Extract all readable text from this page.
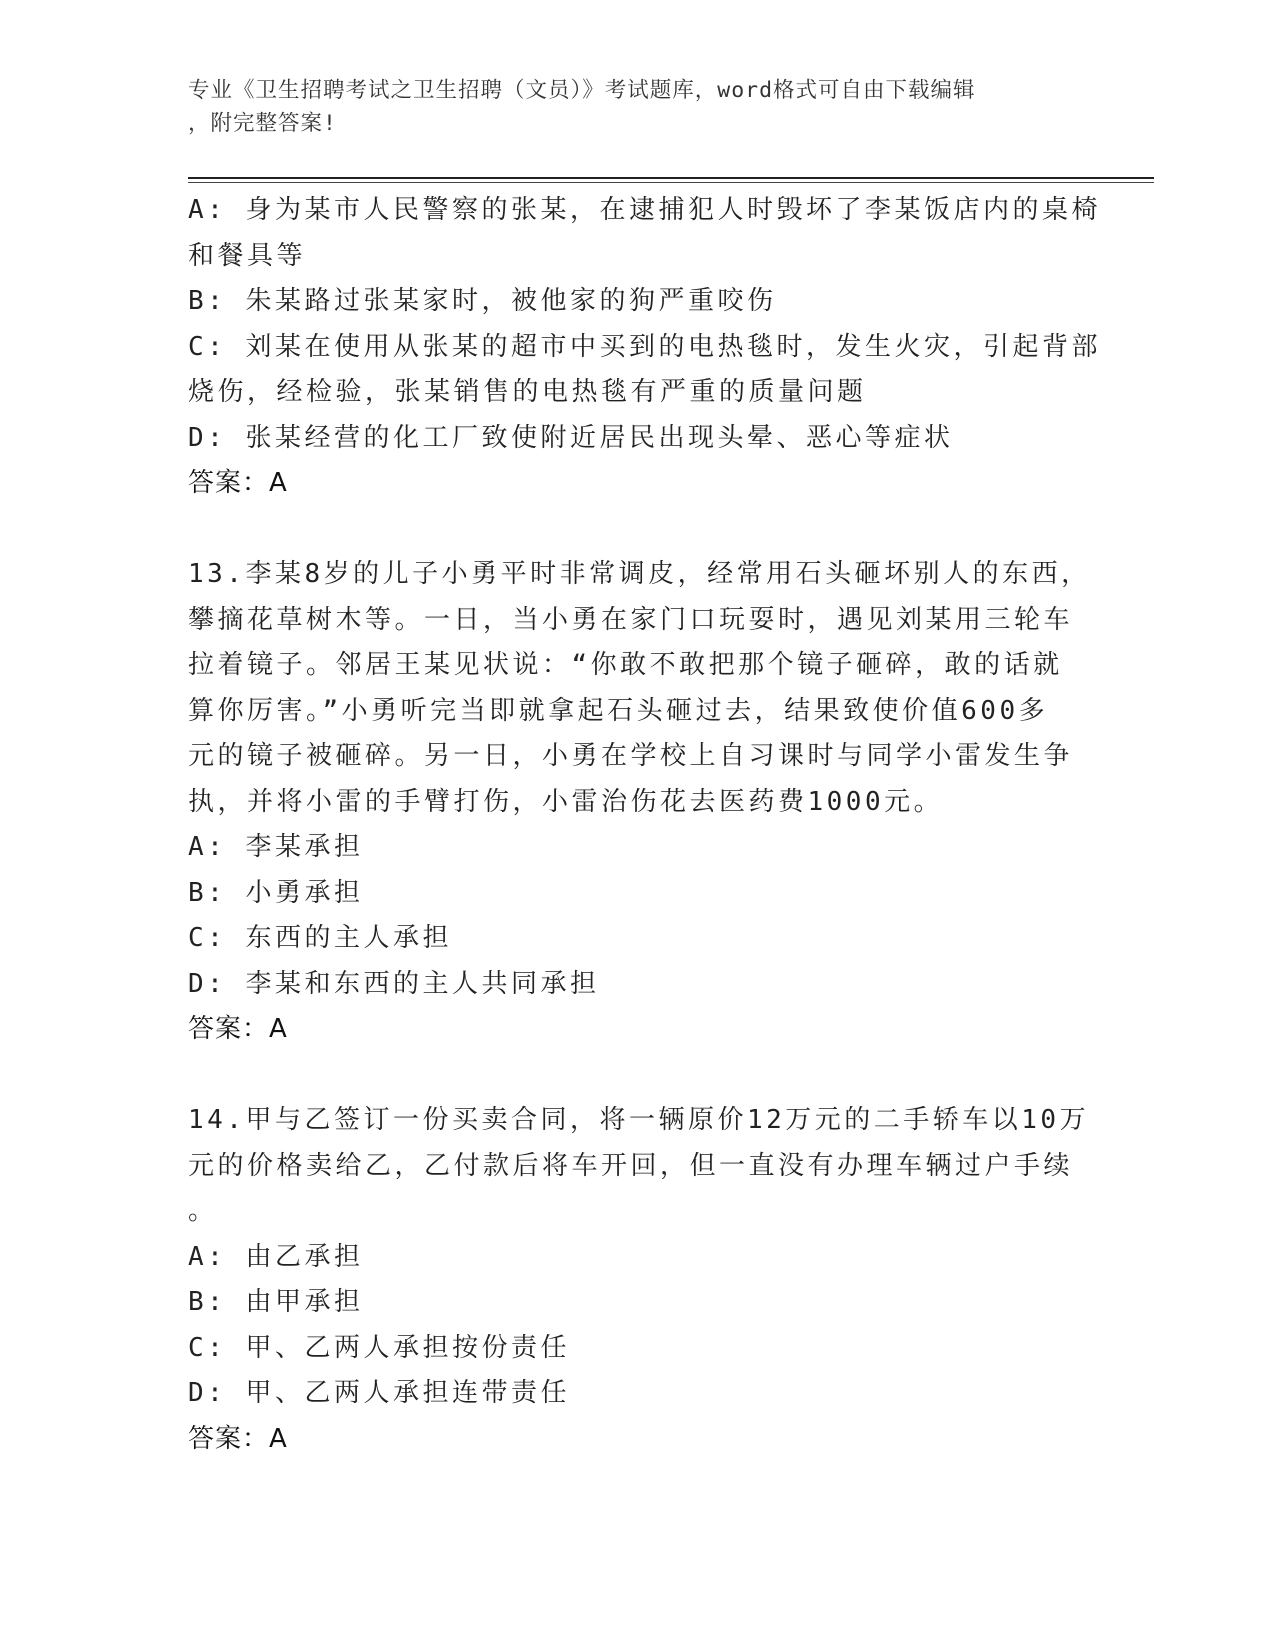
专业《卫生招聘考试之卫生招聘（文员）》考试题库，word格式可自由下载编辑
，附完整答案!
A: 身为某市人民警察的张某，在逮捕犯人时毁坏了李某饭店内的桌椅
和餐具等
B: 朱某路过张某家时，被他家的狗严重咬伤
C: 刘某在使用从张某的超市中买到的电热毯时，发生火灾，引起背部
烧伤，经检验，张某销售的电热毯有严重的质量问题
D: 张某经营的化工厂致使附近居民出现头晕、恶心等症状
答案：A
13.李某8岁的儿子小勇平时非常调皮，经常用石头砸坏别人的东西，
攀摘花草树木等。一日，当小勇在家门口玩耍时，遇见刘某用三轮车
拉着镜子。邻居王某见状说：“你敢不敢把那个镜子砸碎，敢的话就
算你厉害。”小勇听完当即就拿起石头砸过去，结果致使价值600多
元的镜子被砸碎。另一日，小勇在学校上自习课时与同学小雷发生争
执，并将小雷的手臂打伤，小雷治伤花去医药费1000元。
A: 李某承担
B: 小勇承担
C: 东西的主人承担
D: 李某和东西的主人共同承担
答案：A
14.甲与乙签订一份买卖合同，将一辆原价12万元的二手轿车以10万
元的价格卖给乙，乙付款后将车开回，但一直没有办理车辆过户手续
。
A: 由乙承担
B: 由甲承担
C: 甲、乙两人承担按份责任
D: 甲、乙两人承担连带责任
答案：A
